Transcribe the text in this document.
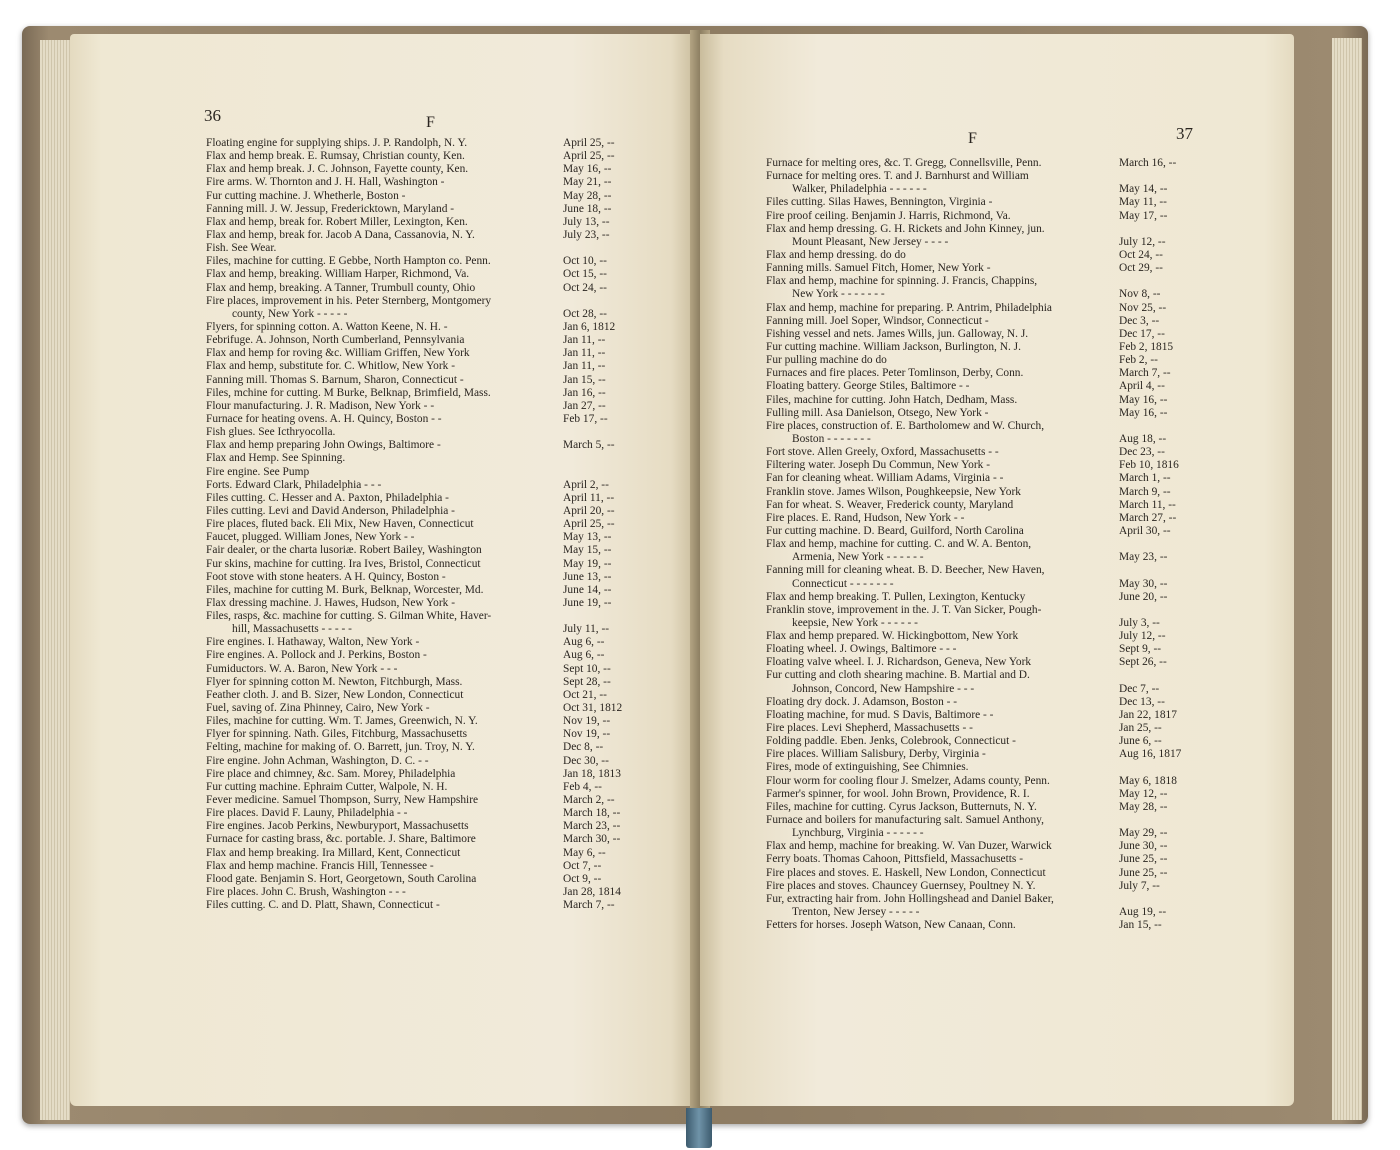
36	F
Floating engine for supplying ships. J. P. Randolph, N. Y.	April 25, --
Flax and hemp break. E. Rumsay, Christian county, Ken.	April 25, --
Flax and hemp break. J. C. Johnson, Fayette county, Ken.	May 16, --
Fire arms. W. Thornton and J. H. Hall, Washington -	May 21, --
Fur cutting machine. J. Whetherle, Boston -	May 28, --
Fanning mill. J. W. Jessup, Fredericktown, Maryland -	June 18, --
Flax and hemp, break for. Robert Miller, Lexington, Ken.	July 13, --
Flax and hemp, break for. Jacob A Dana, Cassanovia, N. Y.	July 23, --
Fish. See Wear.
Files, machine for cutting. E Gebbe, North Hampton co. Penn.	Oct 10, --
Flax and hemp, breaking. William Harper, Richmond, Va.	Oct 15, --
Flax and hemp, breaking. A Tanner, Trumbull county, Ohio	Oct 24, --
Fire places, improvement in his. Peter Sternberg, Montgomery
county, New York - - - - -	Oct 28, --
Flyers, for spinning cotton. A. Watton Keene, N. H. -	Jan 6, 1812
Febrifuge. A. Johnson, North Cumberland, Pennsylvania	Jan 11, --
Flax and hemp for roving &c. William Griffen, New York	Jan 11, --
Flax and hemp, substitute for. C. Whitlow, New York -	Jan 11, --
Fanning mill. Thomas S. Barnum, Sharon, Connecticut -	Jan 15, --
Files, mchine for cutting. M Burke, Belknap, Brimfield, Mass.	Jan 16, --
Flour manufacturing. J. R. Madison, New York - -	Jan 27, --
Furnace for heating ovens. A. H. Quincy, Boston - -	Feb 17, --
Fish glues. See Icthryocolla.
Flax and hemp preparing John Owings, Baltimore -	March 5, --
Flax and Hemp. See Spinning.
Fire engine. See Pump
Forts. Edward Clark, Philadelphia - - -	April 2, --
Files cutting. C. Hesser and A. Paxton, Philadelphia -	April 11, --
Files cutting. Levi and David Anderson, Philadelphia -	April 20, --
Fire places, fluted back. Eli Mix, New Haven, Connecticut	April 25, --
Faucet, plugged. William Jones, New York - -	May 13, --
Fair dealer, or the charta lusoriæ. Robert Bailey, Washington	May 15, --
Fur skins, machine for cutting. Ira Ives, Bristol, Connecticut	May 19, --
Foot stove with stone heaters. A H. Quincy, Boston -	June 13, --
Files, machine for cutting M. Burk, Belknap, Worcester, Md.	June 14, --
Flax dressing machine. J. Hawes, Hudson, New York -	June 19, --
Files, rasps, &c. machine for cutting. S. Gilman White, Haver-
hill, Massachusetts - - - - -	July 11, --
Fire engines. I. Hathaway, Walton, New York -	Aug 6, --
Fire engines. A. Pollock and J. Perkins, Boston -	Aug 6, --
Fumiductors. W. A. Baron, New York - - -	Sept 10, --
Flyer for spinning cotton M. Newton, Fitchburgh, Mass.	Sept 28, --
Feather cloth. J. and B. Sizer, New London, Connecticut	Oct 21, --
Fuel, saving of. Zina Phinney, Cairo, New York -	Oct 31, 1812
Files, machine for cutting. Wm. T. James, Greenwich, N. Y.	Nov 19, --
Flyer for spinning. Nath. Giles, Fitchburg, Massachusetts	Nov 19, --
Felting, machine for making of. O. Barrett, jun. Troy, N. Y.	Dec 8, --
Fire engine. John Achman, Washington, D. C. - -	Dec 30, --
Fire place and chimney, &c. Sam. Morey, Philadelphia	Jan 18, 1813
Fur cutting machine. Ephraim Cutter, Walpole, N. H.	Feb 4, --
Fever medicine. Samuel Thompson, Surry, New Hampshire	March 2, --
Fire places. David F. Launy, Philadelphia - -	March 18, --
Fire engines. Jacob Perkins, Newburyport, Massachusetts	March 23, --
Furnace for casting brass, &c. portable. J. Share, Baltimore	March 30, --
Flax and hemp breaking. Ira Millard, Kent, Connecticut	May 6, --
Flax and hemp machine. Francis Hill, Tennessee -	Oct 7, --
Flood gate. Benjamin S. Hort, Georgetown, South Carolina	Oct 9, --
Fire places. John C. Brush, Washington - - -	Jan 28, 1814
Files cutting. C. and D. Platt, Shawn, Connecticut -	March 7, --
37
F
Furnace for melting ores, &c. T. Gregg, Connellsville, Penn.	March 16, --
Furnace for melting ores. T. and J. Barnhurst and William
Walker, Philadelphia - - - - - -	May 14, --
Files cutting. Silas Hawes, Bennington, Virginia -	May 11, --
Fire proof ceiling. Benjamin J. Harris, Richmond, Va.	May 17, --
Flax and hemp dressing. G. H. Rickets and John Kinney, jun.
Mount Pleasant, New Jersey - - - -	July 12, --
Flax and hemp dressing. do do	Oct 24, --
Fanning mills. Samuel Fitch, Homer, New York -	Oct 29, --
Flax and hemp, machine for spinning. J. Francis, Chappins,
New York - - - - - - -	Nov 8, --
Flax and hemp, machine for preparing. P. Antrim, Philadelphia	Nov 25, --
Fanning mill. Joel Soper, Windsor, Connecticut -	Dec 3, --
Fishing vessel and nets. James Wills, jun. Galloway, N. J.	Dec 17, --
Fur cutting machine. William Jackson, Burlington, N. J.	Feb 2, 1815
Fur pulling machine do do	Feb 2, --
Furnaces and fire places. Peter Tomlinson, Derby, Conn.	March 7, --
Floating battery. George Stiles, Baltimore - -	April 4, --
Files, machine for cutting. John Hatch, Dedham, Mass.	May 16, --
Fulling mill. Asa Danielson, Otsego, New York -	May 16, --
Fire places, construction of. E. Bartholomew and W. Church,
Boston - - - - - - -	Aug 18, --
Fort stove. Allen Greely, Oxford, Massachusetts - -	Dec 23, --
Filtering water. Joseph Du Commun, New York -	Feb 10, 1816
Fan for cleaning wheat. William Adams, Virginia - -	March 1, --
Franklin stove. James Wilson, Poughkeepsie, New York	March 9, --
Fan for wheat. S. Weaver, Frederick county, Maryland	March 11, --
Fire places. E. Rand, Hudson, New York - -	March 27, --
Fur cutting machine. D. Beard, Guilford, North Carolina	April 30, --
Flax and hemp, machine for cutting. C. and W. A. Benton,
Armenia, New York - - - - - -	May 23, --
Fanning mill for cleaning wheat. B. D. Beecher, New Haven,
Connecticut - - - - - - -	May 30, --
Flax and hemp breaking. T. Pullen, Lexington, Kentucky	June 20, --
Franklin stove, improvement in the. J. T. Van Sicker, Pough-
keepsie, New York - - - - - -	July 3, --
Flax and hemp prepared. W. Hickingbottom, New York	July 12, --
Floating wheel. J. Owings, Baltimore - - -	Sept 9, --
Floating valve wheel. I. J. Richardson, Geneva, New York	Sept 26, --
Fur cutting and cloth shearing machine. B. Martial and D.
Johnson, Concord, New Hampshire - - -	Dec 7, --
Floating dry dock. J. Adamson, Boston - -	Dec 13, --
Floating machine, for mud. S Davis, Baltimore - -	Jan 22, 1817
Fire places. Levi Shepherd, Massachusetts - -	Jan 25, --
Folding paddle. Eben. Jenks, Colebrook, Connecticut -	June 6, --
Fire places. William Salisbury, Derby, Virginia -	Aug 16, 1817
Fires, mode of extinguishing, See Chimnies.
Flour worm for cooling flour J. Smelzer, Adams county, Penn.	May 6, 1818
Farmer's spinner, for wool. John Brown, Providence, R. I.	May 12, --
Files, machine for cutting. Cyrus Jackson, Butternuts, N. Y.	May 28, --
Furnace and boilers for manufacturing salt. Samuel Anthony,
Lynchburg, Virginia - - - - - -	May 29, --
Flax and hemp, machine for breaking. W. Van Duzer, Warwick	June 30, --
Ferry boats. Thomas Cahoon, Pittsfield, Massachusetts -	June 25, --
Fire places and stoves. E. Haskell, New London, Connecticut	June 25, --
Fire places and stoves. Chauncey Guernsey, Poultney N. Y.	July 7, --
Fur, extracting hair from. John Hollingshead and Daniel Baker,
Trenton, New Jersey - - - - -	Aug 19, --
Fetters for horses. Joseph Watson, New Canaan, Conn.	Jan 15, --
